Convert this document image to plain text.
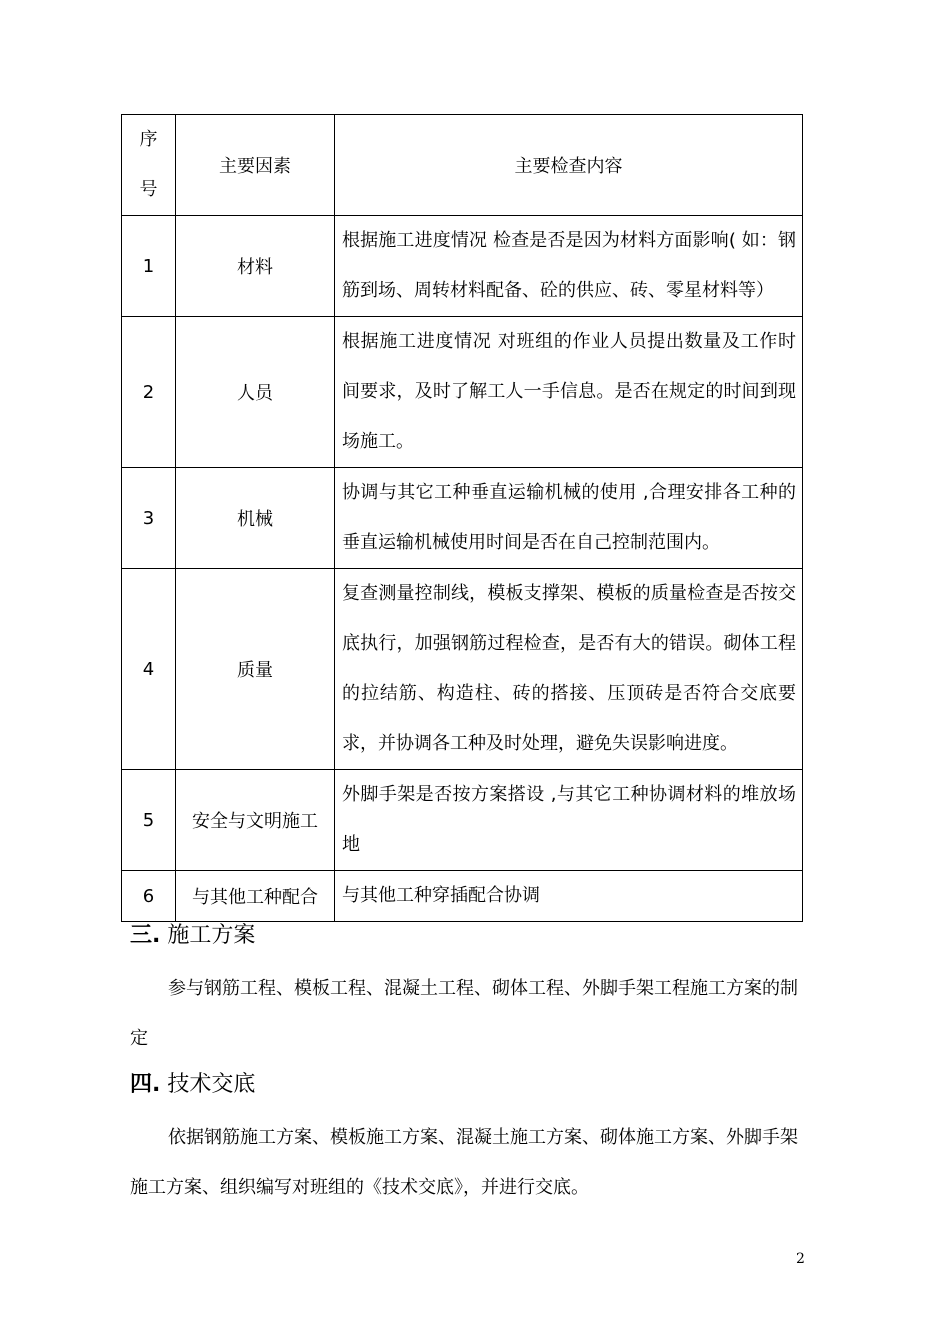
序号	主要因素	主要检查内容
1	材料	根据施工进度情况 检查是否是因为材料方面影响( 如：钢筋到场、周转材料配备、砼的供应、砖、零星材料等）

2	人员	根据施工进度情况 对班组的作业人员提出数量及工作时间要求，及时了解工人一手信息。是否在规定的时间到现场施工。

3	机械	协调与其它工种垂直运输机械的使用 ,合理安排各工种的垂直运输机械使用时间是否在自己控制范围内。

4	质量	复查测量控制线，模板支撑架、模板的质量检查是否按交底执行，加强钢筋过程检查，是否有大的错误。砌体工程的拉结筋、构造柱、砖的搭接、压顶砖是否符合交底要求，并协调各工种及时处理，避免失误影响进度。

5	安全与文明施工	外脚手架是否按方案搭设 ,与其它工种协调材料的堆放场地

6	与其他工种配合	与其他工种穿插配合协调
三. 施工方案
参与钢筋工程、模板工程、混凝土工程、砌体工程、外脚手架工程施工方案的制定
四. 技术交底
依据钢筋施工方案、模板施工方案、混凝土施工方案、砌体施工方案、外脚手架施工方案、组织编写对班组的《技术交底》，并进行交底。
2
